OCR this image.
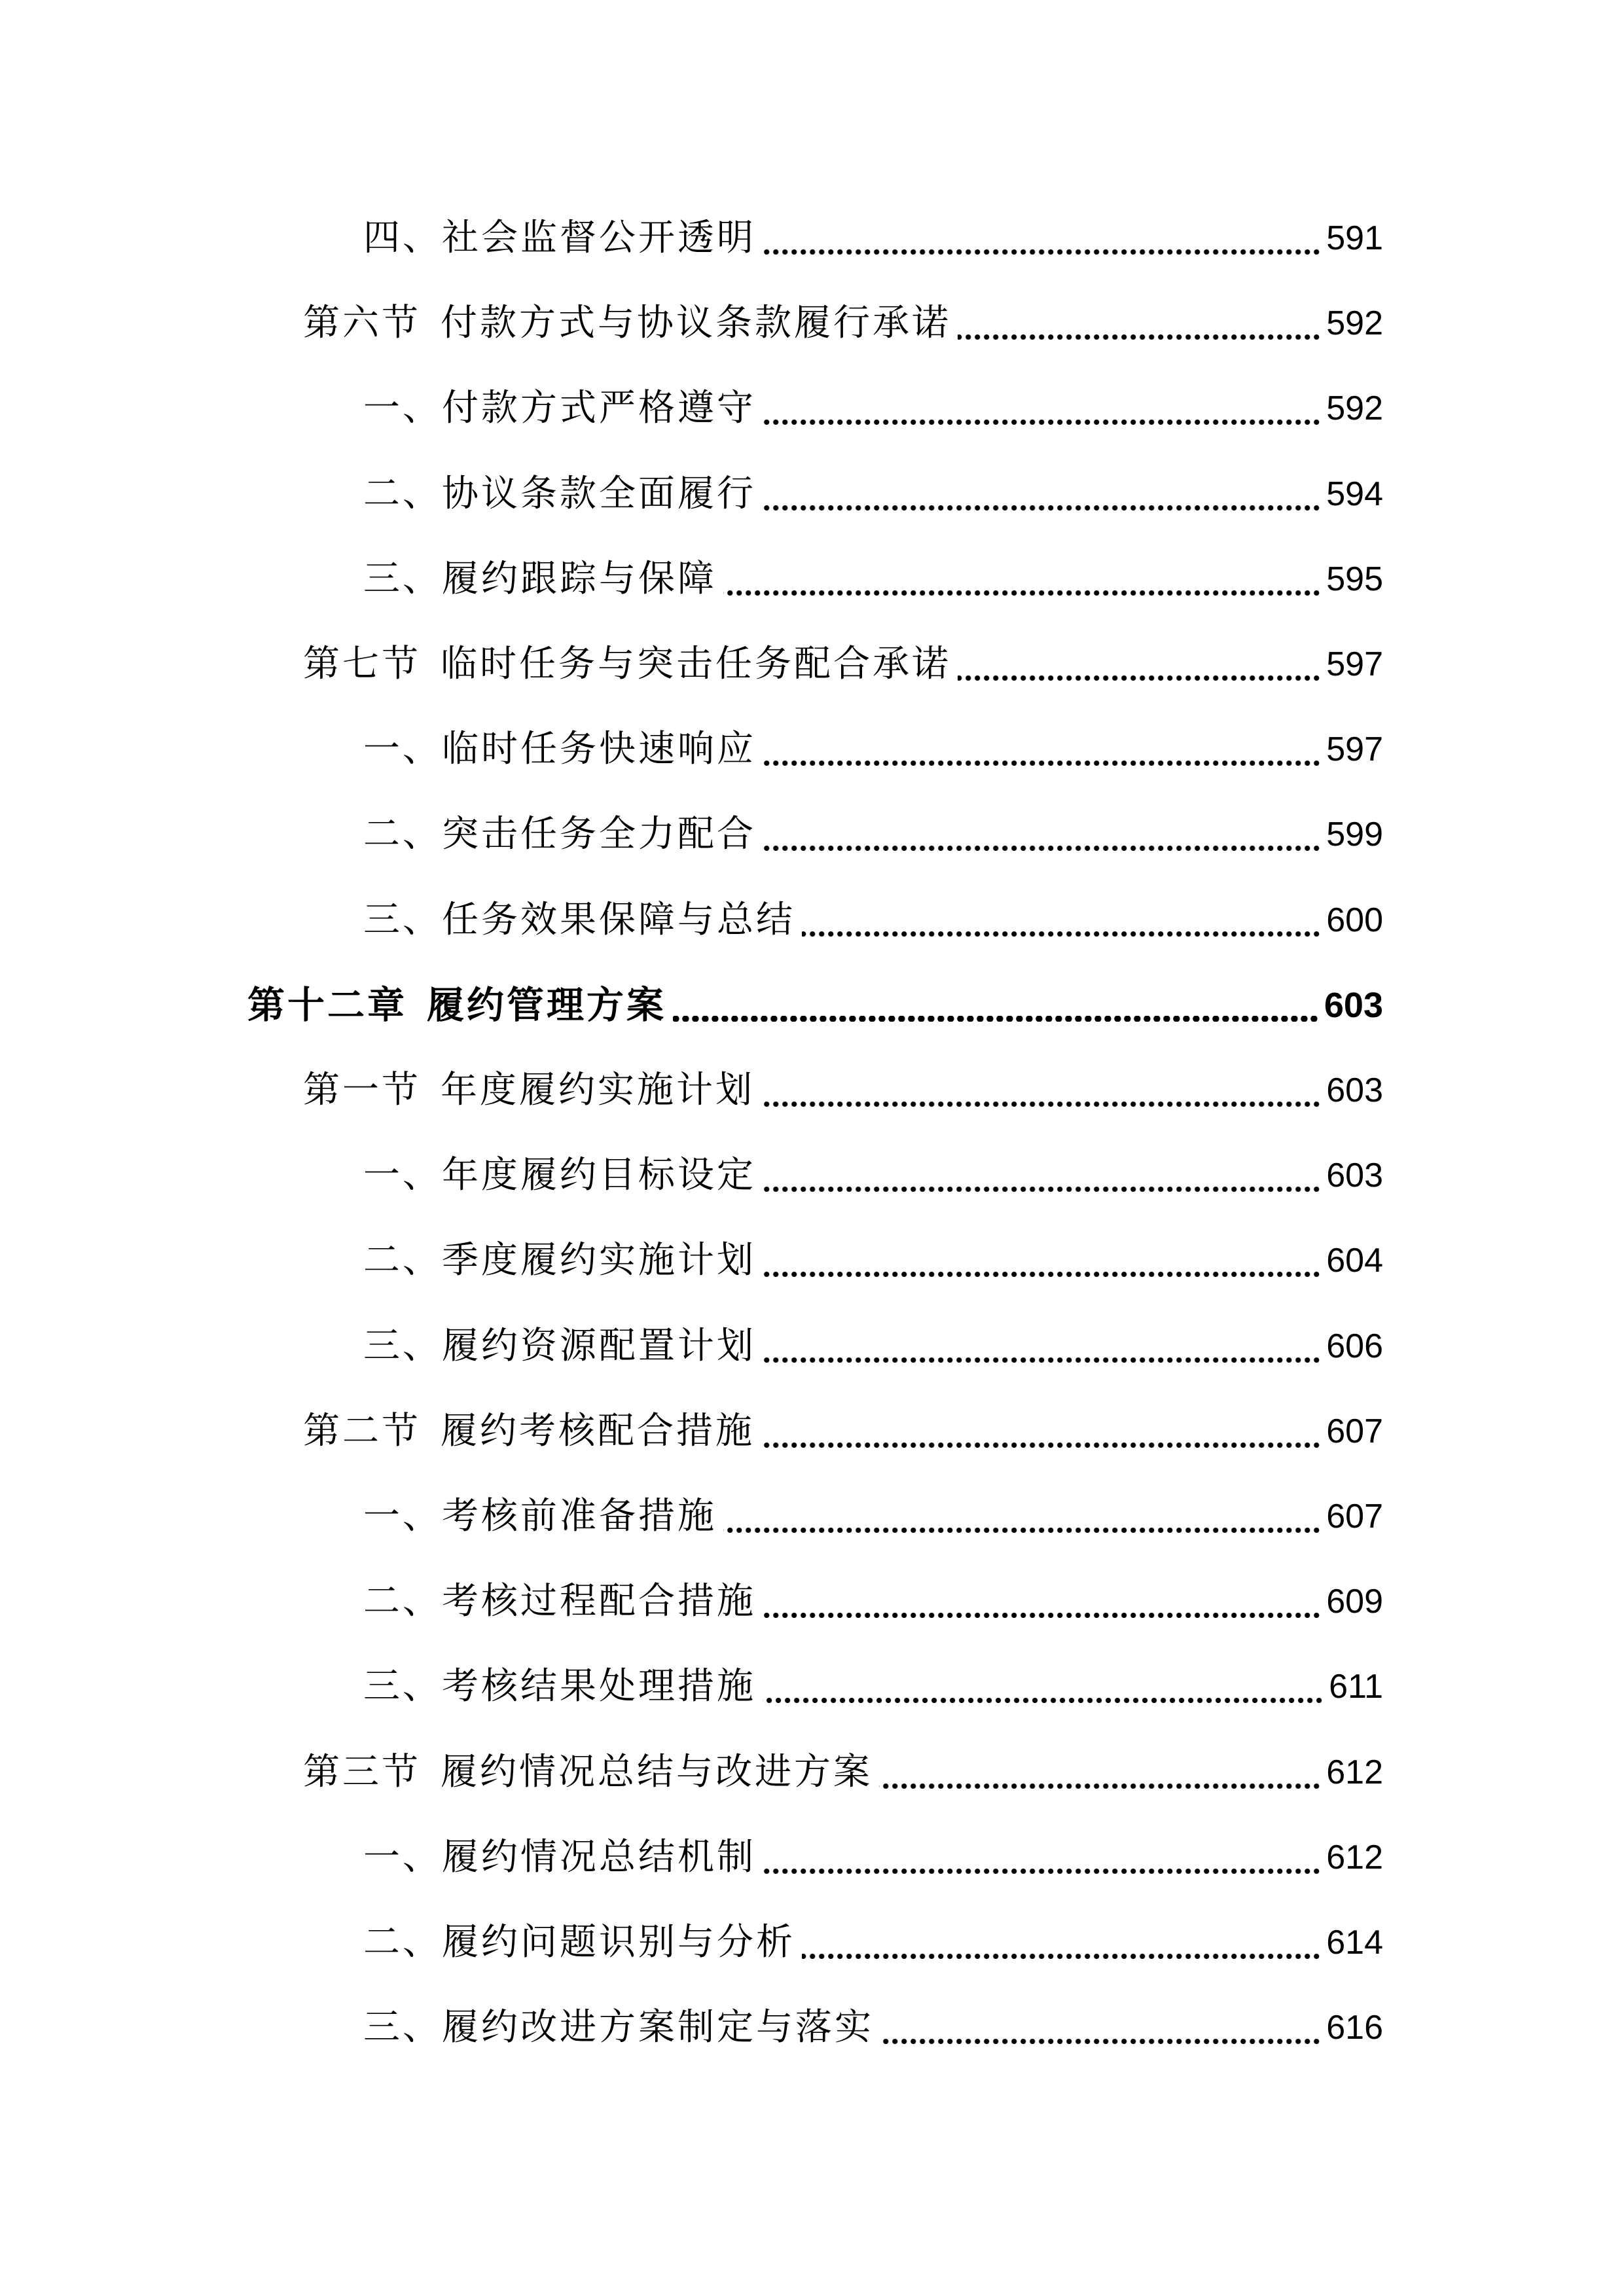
四、社会监督公开透明	591
第六节 付款方式与协议条款履行承诺	592
一、付款方式严格遵守	592
二、协议条款全面履行	594
三、履约跟踪与保障	595
第七节 临时任务与突击任务配合承诺	597
一、临时任务快速响应	597
二、突击任务全力配合	599
三、任务效果保障与总结	600
第十二章 履约管理方案	603
第一节 年度履约实施计划	603
一、年度履约目标设定	603
二、季度履约实施计划	604
三、履约资源配置计划	606
第二节 履约考核配合措施	607
一、考核前准备措施	607
二、考核过程配合措施	609
三、考核结果处理措施	611
第三节 履约情况总结与改进方案	612
一、履约情况总结机制	612
二、履约问题识别与分析	614
三、履约改进方案制定与落实	616
